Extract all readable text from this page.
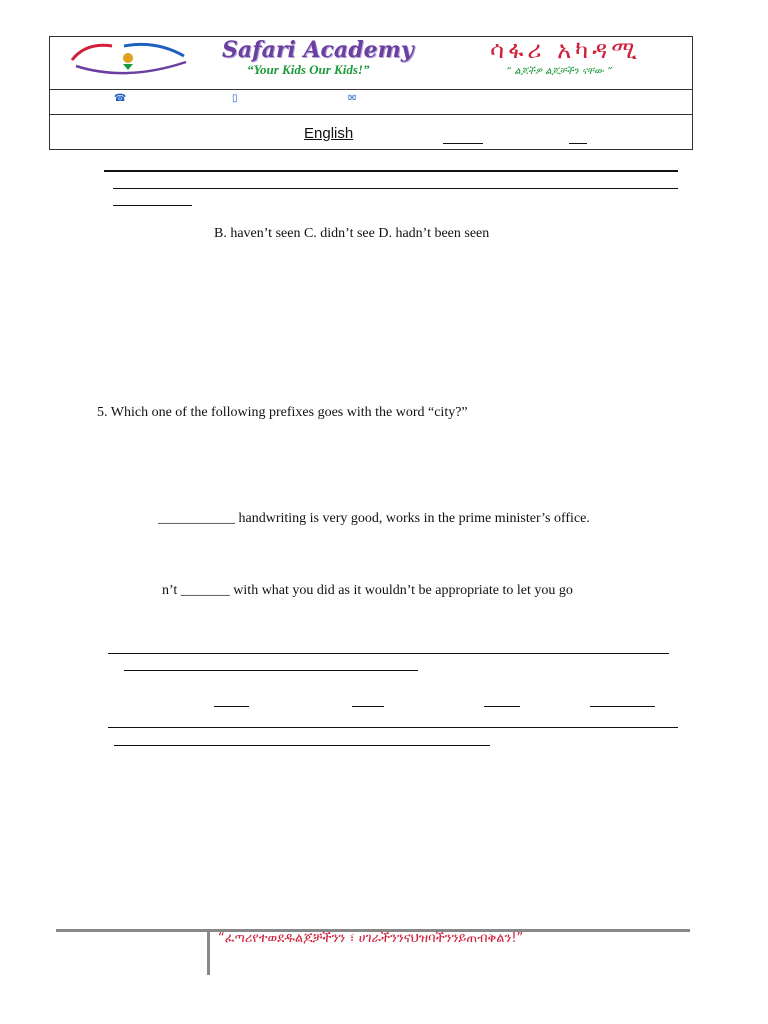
Safari Academy
“Your Kids Our Kids!”
ሳፋሪ አካዳሚ
“ ልጆችዎ ልጆቻችን ናቸው ”
☎	▯	✉
English
B. haven’t seen C. didn’t see D. hadn’t been seen
5. Which one of the following prefixes goes with the word “city?”
___________ handwriting is very good, works in the prime minister’s office.
n’t _______ with what you did as it wouldn’t be appropriate to let you go
“ፈጣሪየተወደዱልጆቻችንን ፣ ሀገራችንንናህዝባችንንይጠብቅልን!”
